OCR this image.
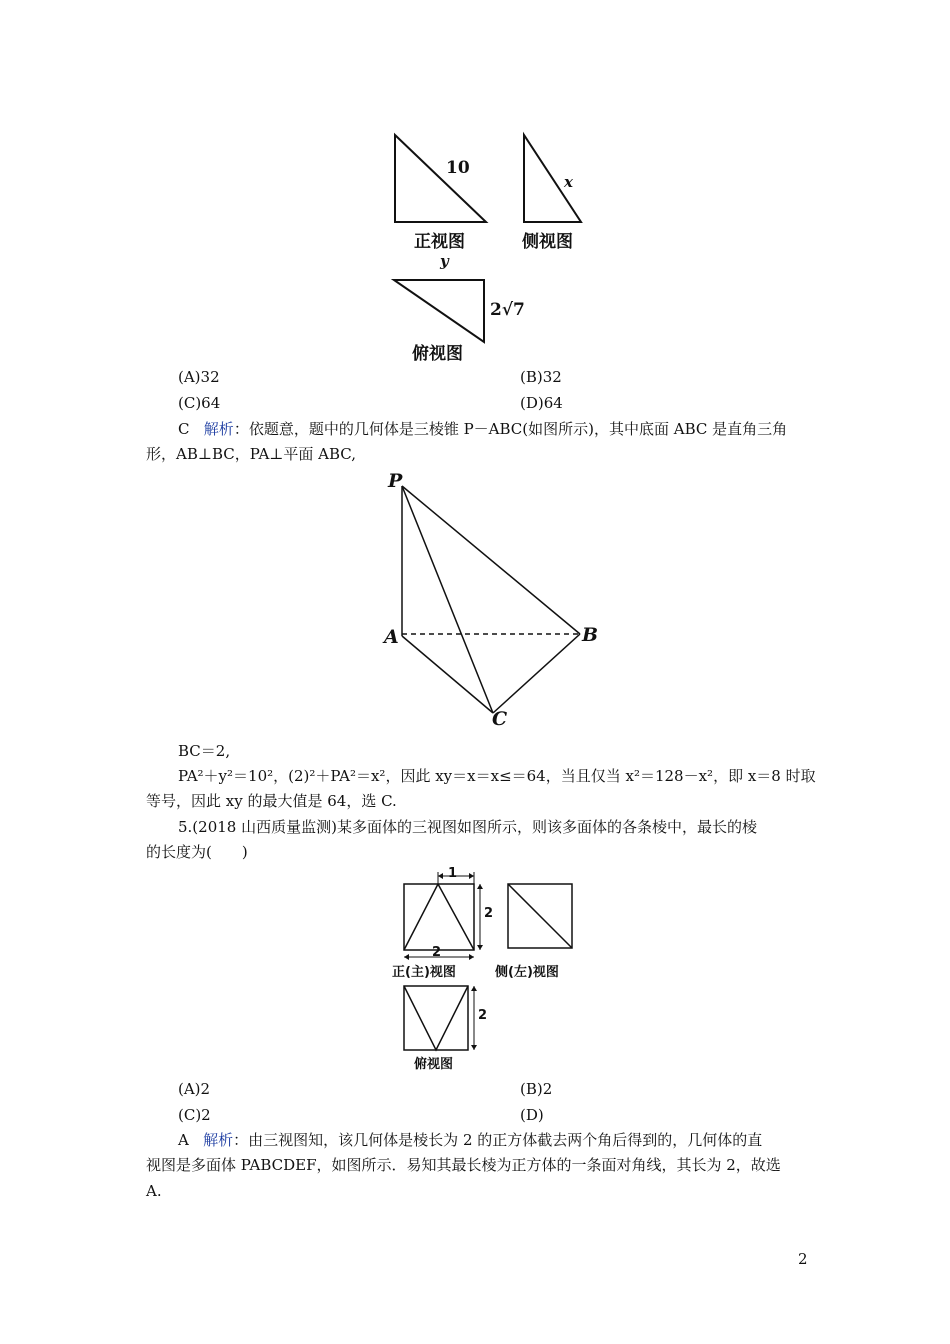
10
x
正视图	侧视图
y
2√7
俯视图
(A)32	(B)32
(C)64	(D)64
C 解析：依题意，题中的几何体是三棱锥 P－ABC(如图所示)，其中底面 ABC 是直角三角
形，AB⊥BC，PA⊥平面 ABC,
P
A	B
C
BC＝2,
PA²＋y²＝10²，(2)²＋PA²＝x²，因此 xy＝x＝x≤＝64，当且仅当 x²＝128－x²，即 x＝8 时取
等号，因此 xy 的最大值是 64，选 C.
5.(2018 山西质量监测)某多面体的三视图如图所示，则该多面体的各条棱中，最长的棱
的长度为(　　)
1
2
2
正(主)视图	侧(左)视图
2
俯视图
(A)2	(B)2
(C)2	(D)
A 解析：由三视图知，该几何体是棱长为 2 的正方体截去两个角后得到的，几何体的直
视图是多面体 PABCDEF，如图所示．易知其最长棱为正方体的一条面对角线，其长为 2，故选
A.
2
